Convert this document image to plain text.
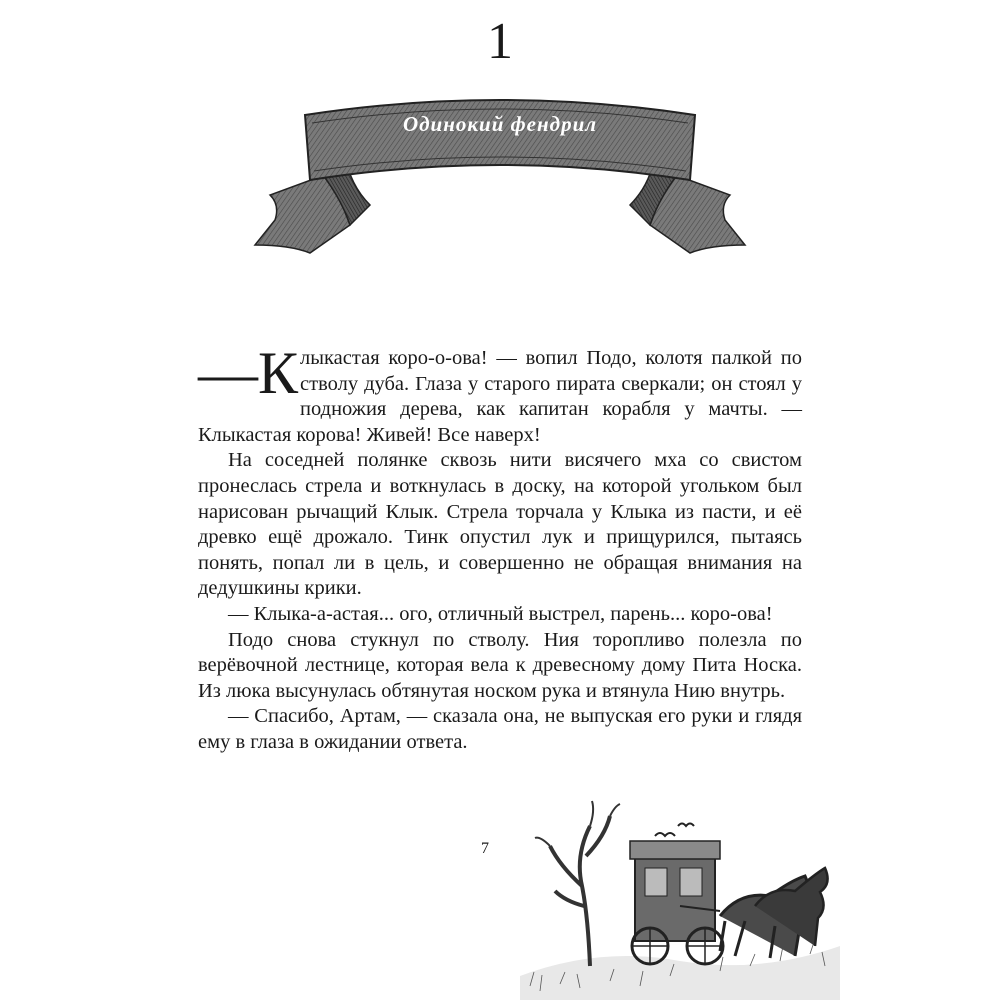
1
Одинокий фендрил

—К лыкастая коро-о-ова! — вопил Подо, колотя палкой по стволу дуба. Глаза у старого пирата сверкали; он стоял у подножия дерева, как капитан корабля у мачты. — Клыкастая корова! Живей! Все наверх!

На соседней полянке сквозь нити висячего мха со свистом пронеслась стрела и воткнулась в доску, на которой угольком был нарисован рычащий Клык. Стрела торчала у Клыка из пасти, и её древко ещё дрожало. Тинк опустил лук и прищурился, пытаясь понять, попал ли в цель, и совершенно не обращая внимания на дедушкины крики.

— Клыка-а-астая... ого, отличный выстрел, парень... коро-ова!

Подо снова стукнул по стволу. Ния торопливо полезла по верёвочной лестнице, которая вела к древесному дому Пита Носка. Из люка высунулась обтянутая носком рука и втянула Нию внутрь.

— Спасибо, Артам, — сказала она, не выпуская его руки и глядя ему в глаза в ожидании ответа.

7
